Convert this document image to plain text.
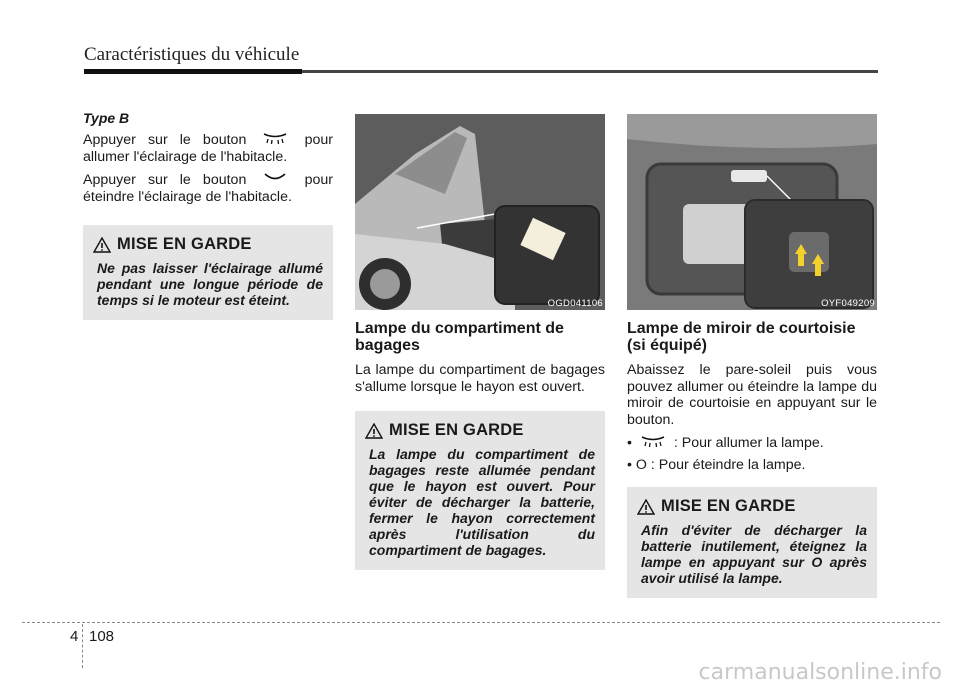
Caractéristiques du véhicule
Type B

Appuyer sur le bouton	pour allumer l'éclairage de l'habitacle.

Appuyer sur le bouton	pour éteindre l'éclairage de l'habitacle.

MISE EN GARDE
Ne pas laisser l'éclairage allumé pendant une longue période de temps si le moteur est éteint.	OGD041106
Lampe du compartiment de bagages

La lampe du compartiment de bagages s'allume lorsque le hayon est ouvert.

MISE EN GARDE
La lampe du compartiment de bagages reste allumée pendant que le hayon est ouvert. Pour éviter de décharger la batterie, fermer le hayon correctement après l'utilisation du compartiment de bagages.
OYF049209
Lampe de miroir de courtoisie (si équipé)

Abaissez le pare-soleil puis vous pouvez allumer ou éteindre la lampe du miroir de courtoisie en appuyant sur le bouton.

•	: Pour allumer la lampe.
• O : Pour éteindre la lampe.
MISE EN GARDE
Afin d'éviter de décharger la batterie inutilement, éteignez la lampe en appuyant sur O après avoir utilisé la lampe.
4 108
carmanualsonline.info
